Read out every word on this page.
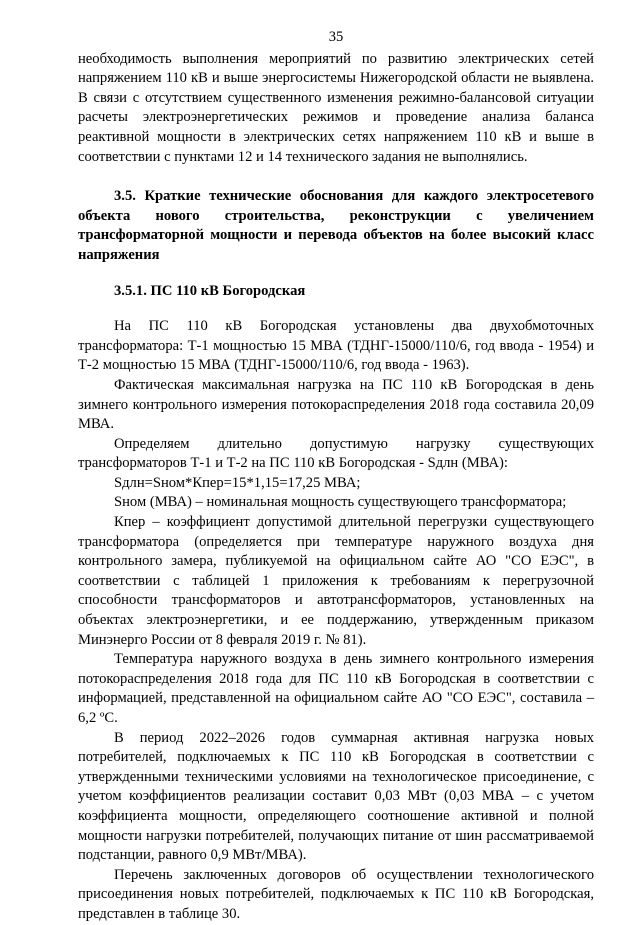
35

необходимость выполнения мероприятий по развитию электрических сетей напряжением 110 кВ и выше энергосистемы Нижегородской области не выявлена. В связи с отсутствием существенного изменения режимно-балансовой ситуации расчеты электроэнергетических режимов и проведение анализа баланса реактивной мощности в электрических сетях напряжением 110 кВ и выше в соответствии с пунктами 12 и 14 технического задания не выполнялись.

3.5. Краткие технические обоснования для каждого электросетевого объекта нового строительства, реконструкции с увеличением трансформаторной мощности и перевода объектов на более высокий класс напряжения

3.5.1. ПС 110 кВ Богородская

На ПС 110 кВ Богородская установлены два двухобмоточных трансформатора: Т-1 мощностью 15 МВА (ТДНГ-15000/110/6, год ввода - 1954) и Т-2 мощностью 15 МВА (ТДНГ-15000/110/6, год ввода - 1963).

Фактическая максимальная нагрузка на ПС 110 кВ Богородская в день зимнего контрольного измерения потокораспределения 2018 года составила 20,09 МВА.

Определяем длительно допустимую нагрузку существующих трансформаторов Т-1 и Т-2 на ПС 110 кВ Богородская - Sдлн (МВА):

Sдлн=Sном*Кпер=15*1,15=17,25 МВА;

Sном (МВА) – номинальная мощность существующего трансформатора;

Кпер – коэффициент допустимой длительной перегрузки существующего трансформатора (определяется при температуре наружного воздуха дня контрольного замера, публикуемой на официальном сайте АО "СО ЕЭС", в соответствии с таблицей 1 приложения к требованиям к перегрузочной способности трансформаторов и автотрансформаторов, установленных на объектах электроэнергетики, и ее поддержанию, утвержденным приказом Минэнерго России от 8 февраля 2019 г. № 81).

Температура наружного воздуха в день зимнего контрольного измерения потокораспределения 2018 года для ПС 110 кВ Богородская в соответствии с информацией, представленной на официальном сайте АО "СО ЕЭС", составила –6,2 ºС.

В период 2022–2026 годов суммарная активная нагрузка новых потребителей, подключаемых к ПС 110 кВ Богородская в соответствии с утвержденными техническими условиями на технологическое присоединение, с учетом коэффициентов реализации составит 0,03 МВт (0,03 МВА – с учетом коэффициента мощности, определяющего соотношение активной и полной мощности нагрузки потребителей, получающих питание от шин рассматриваемой подстанции, равного 0,9 МВт/МВА).

Перечень заключенных договоров об осуществлении технологического присоединения новых потребителей, подключаемых к ПС 110 кВ Богородская, представлен в таблице 30.
